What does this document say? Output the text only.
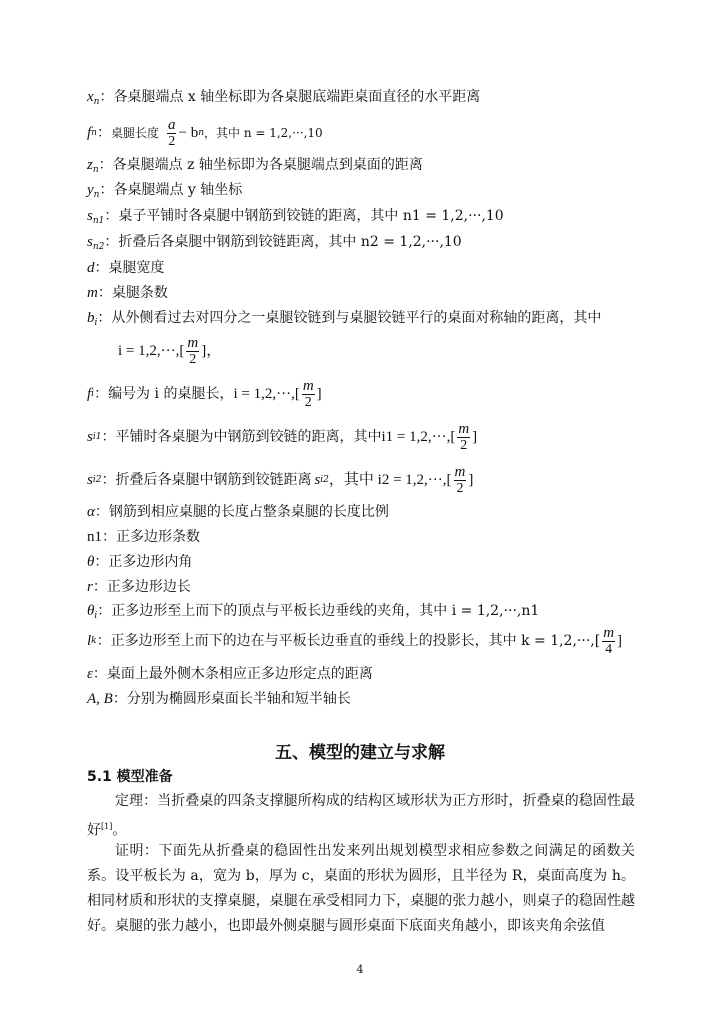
$x_n$：各桌腿端点 x 轴坐标即为各桌腿底端距桌面直径的水平距离
f n ： 桌腿长度 $\frac{a}{2} - b$ n ，其中 n = 1,2,···,10
$z_n$：各桌腿端点 z 轴坐标即为各桌腿端点到桌面的距离
$y_n$：各桌腿端点 y 轴坐标
$s_{n1}$：桌子平铺时各桌腿中钢筋到铰链的距离，其中 n1 = 1,2,···,10
$s_{n2}$：折叠后各桌腿中钢筋到铰链距离，其中 n2 = 1,2,···,10
d：桌腿宽度
m：桌腿条数
$b_i$：从外侧看过去对四分之一桌腿铰链到与桌腿铰链平行的桌面对称轴的距离，其中
$i = 1,2,\cdot\cdot\cdot,[ \frac{m}{2}$ ]，
f i ： 编号为 i 的桌腿长， $i = 1,2,\cdot\cdot\cdot,[ \frac{m}{2}$ ]
s i1 ： 平铺时各桌腿为中钢筋到铰链的距离，其中 $i1 = 1,2,\cdot\cdot\cdot,[ \frac{m}{2}$ ]
s i2 ： 折叠后各桌腿中钢筋到铰链距离 s i2 ，其中 $i2 = 1,2,\cdot\cdot\cdot,[ \frac{m}{2}$ ]
α：钢筋到相应桌腿的长度占整条桌腿的长度比例
n1：正多边形条数
θ：正多边形内角
r：正多边形边长
$\theta_i$：正多边形至上而下的顶点与平板长边垂线的夹角，其中 i = 1,2,···,n1
l k ： 正多边形至上而下的边在与平板长边垂直的垂线上的投影长，其中 $k = 1,2,\cdot\cdot\cdot,[ \frac{m}{4}$ ]
ε：桌面上最外侧木条相应正多边形定点的距离
A, B：分别为椭圆形桌面长半轴和短半轴长
五、模型的建立与求解
5.1 模型准备
定理：当折叠桌的四条支撑腿所构成的结构区域形状为正方形时，折叠桌的稳固性最好[1]。
证明：下面先从折叠桌的稳固性出发来列出规划模型求相应参数之间满足的函数关系。设平板长为 a，宽为 b，厚为 c，桌面的形状为圆形，且半径为 R，桌面高度为 h。相同材质和形状的支撑桌腿，桌腿在承受相同力下，桌腿的张力越小，则桌子的稳固性越好。桌腿的张力越小，也即最外侧桌腿与圆形桌面下底面夹角越小，即该夹角余弦值
4
